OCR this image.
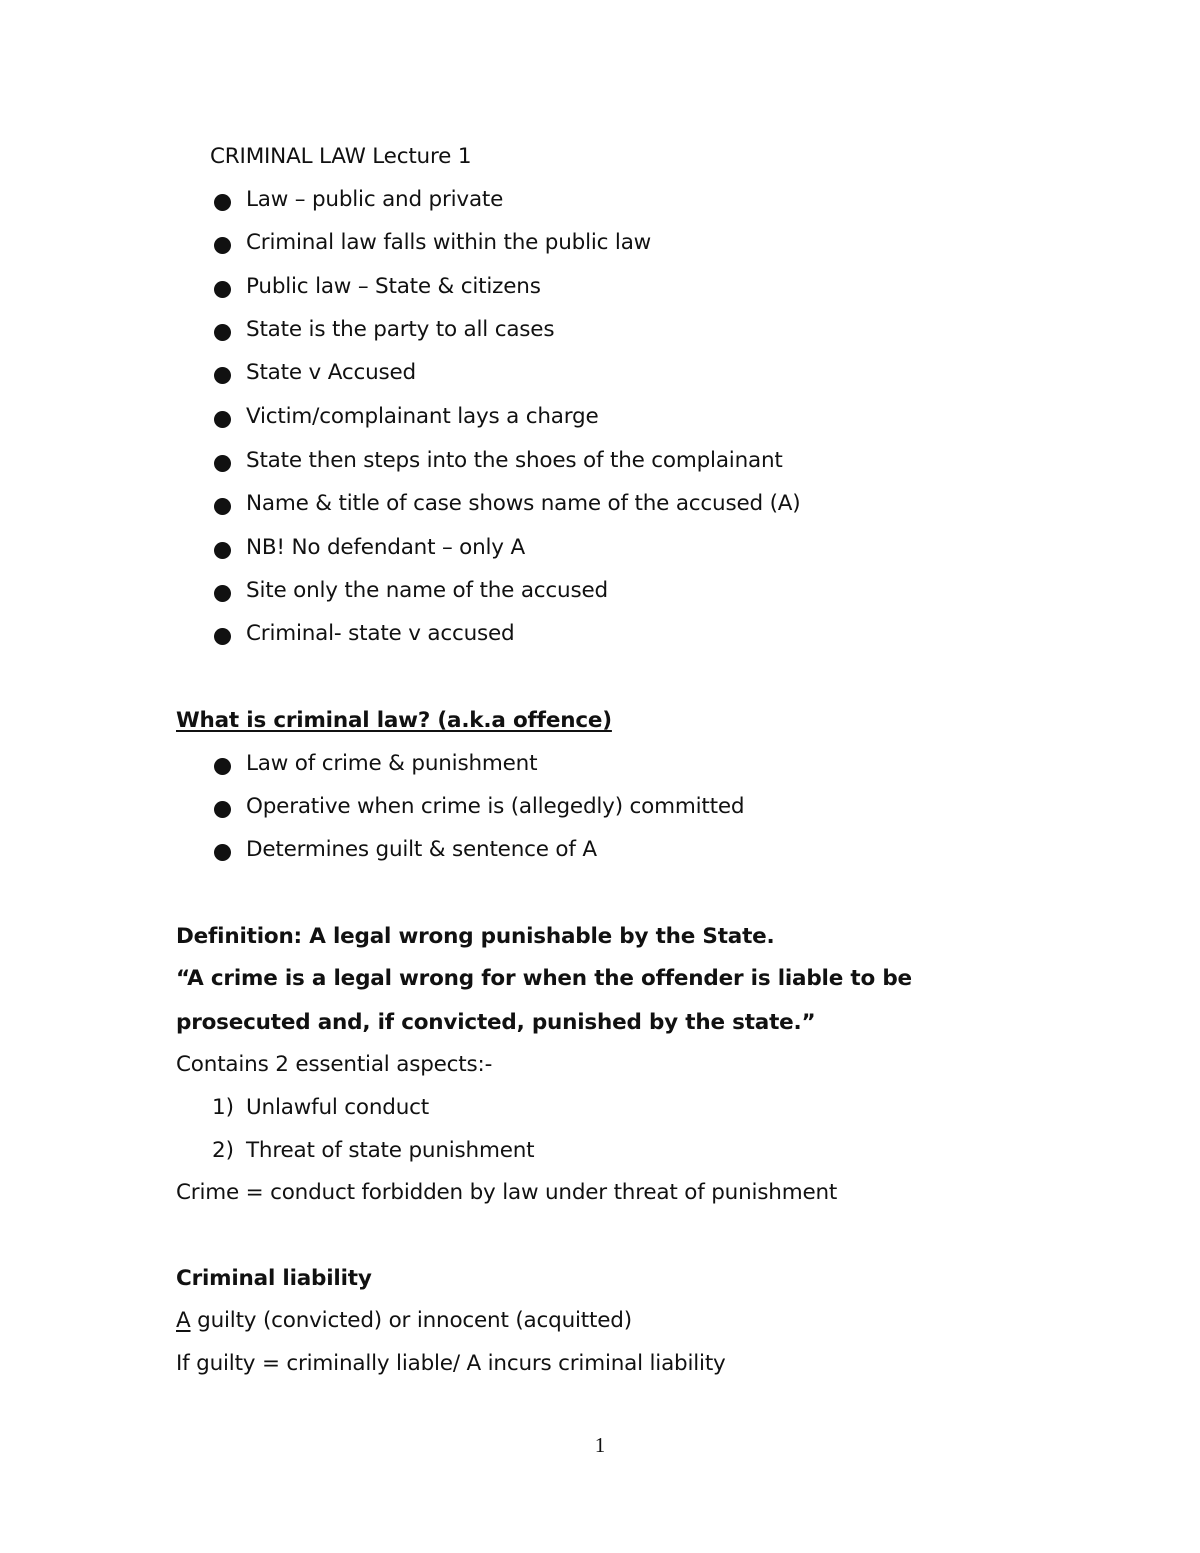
CRIMINAL LAW Lecture 1
Law – public and private
Criminal law falls within the public law
Public law – State & citizens
State is the party to all cases
State v Accused
Victim/complainant lays a charge
State then steps into the shoes of the complainant
Name & title of case shows name of the accused (A)
NB! No defendant – only A
Site only the name of the accused
Criminal- state v accused
What is criminal law? (a.k.a offence)
Law of crime & punishment
Operative when crime is (allegedly) committed
Determines guilt & sentence of A
Definition: A legal wrong punishable by the State.
“A crime is a legal wrong for when the offender is liable to be
prosecuted and, if convicted, punished by the state.”
Contains 2 essential aspects:-
1) Unlawful conduct
2) Threat of state punishment
Crime = conduct forbidden by law under threat of punishment
Criminal liability
A guilty (convicted) or innocent (acquitted)
If guilty = criminally liable/ A incurs criminal liability
1
